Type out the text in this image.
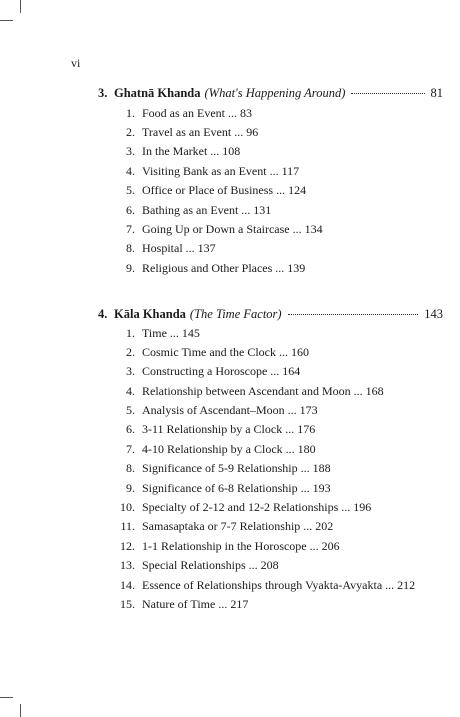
vi
3. Ghatnā Khanda (What's Happening Around)	81
1. Food as an Event ... 83
2. Travel as an Event ... 96
3. In the Market ... 108
4. Visiting Bank as an Event ... 117
5. Office or Place of Business ... 124
6. Bathing as an Event ... 131
7. Going Up or Down a Staircase ... 134
8. Hospital ... 137
9. Religious and Other Places ... 139
4. Kāla Khanda (The Time Factor)	143
1. Time ... 145
2. Cosmic Time and the Clock ... 160
3. Constructing a Horoscope ... 164
4. Relationship between Ascendant and Moon ... 168
5. Analysis of Ascendant–Moon ... 173
6. 3-11 Relationship by a Clock ... 176
7. 4-10 Relationship by a Clock ... 180
8. Significance of 5-9 Relationship ... 188
9. Significance of 6-8 Relationship ... 193
10. Specialty of 2-12 and 12-2 Relationships ... 196
11. Samasaptaka or 7-7 Relationship ... 202
12. 1-1 Relationship in the Horoscope ... 206
13. Special Relationships ... 208
14. Essence of Relationships through Vyakta-Avyakta ... 212
15. Nature of Time ... 217
